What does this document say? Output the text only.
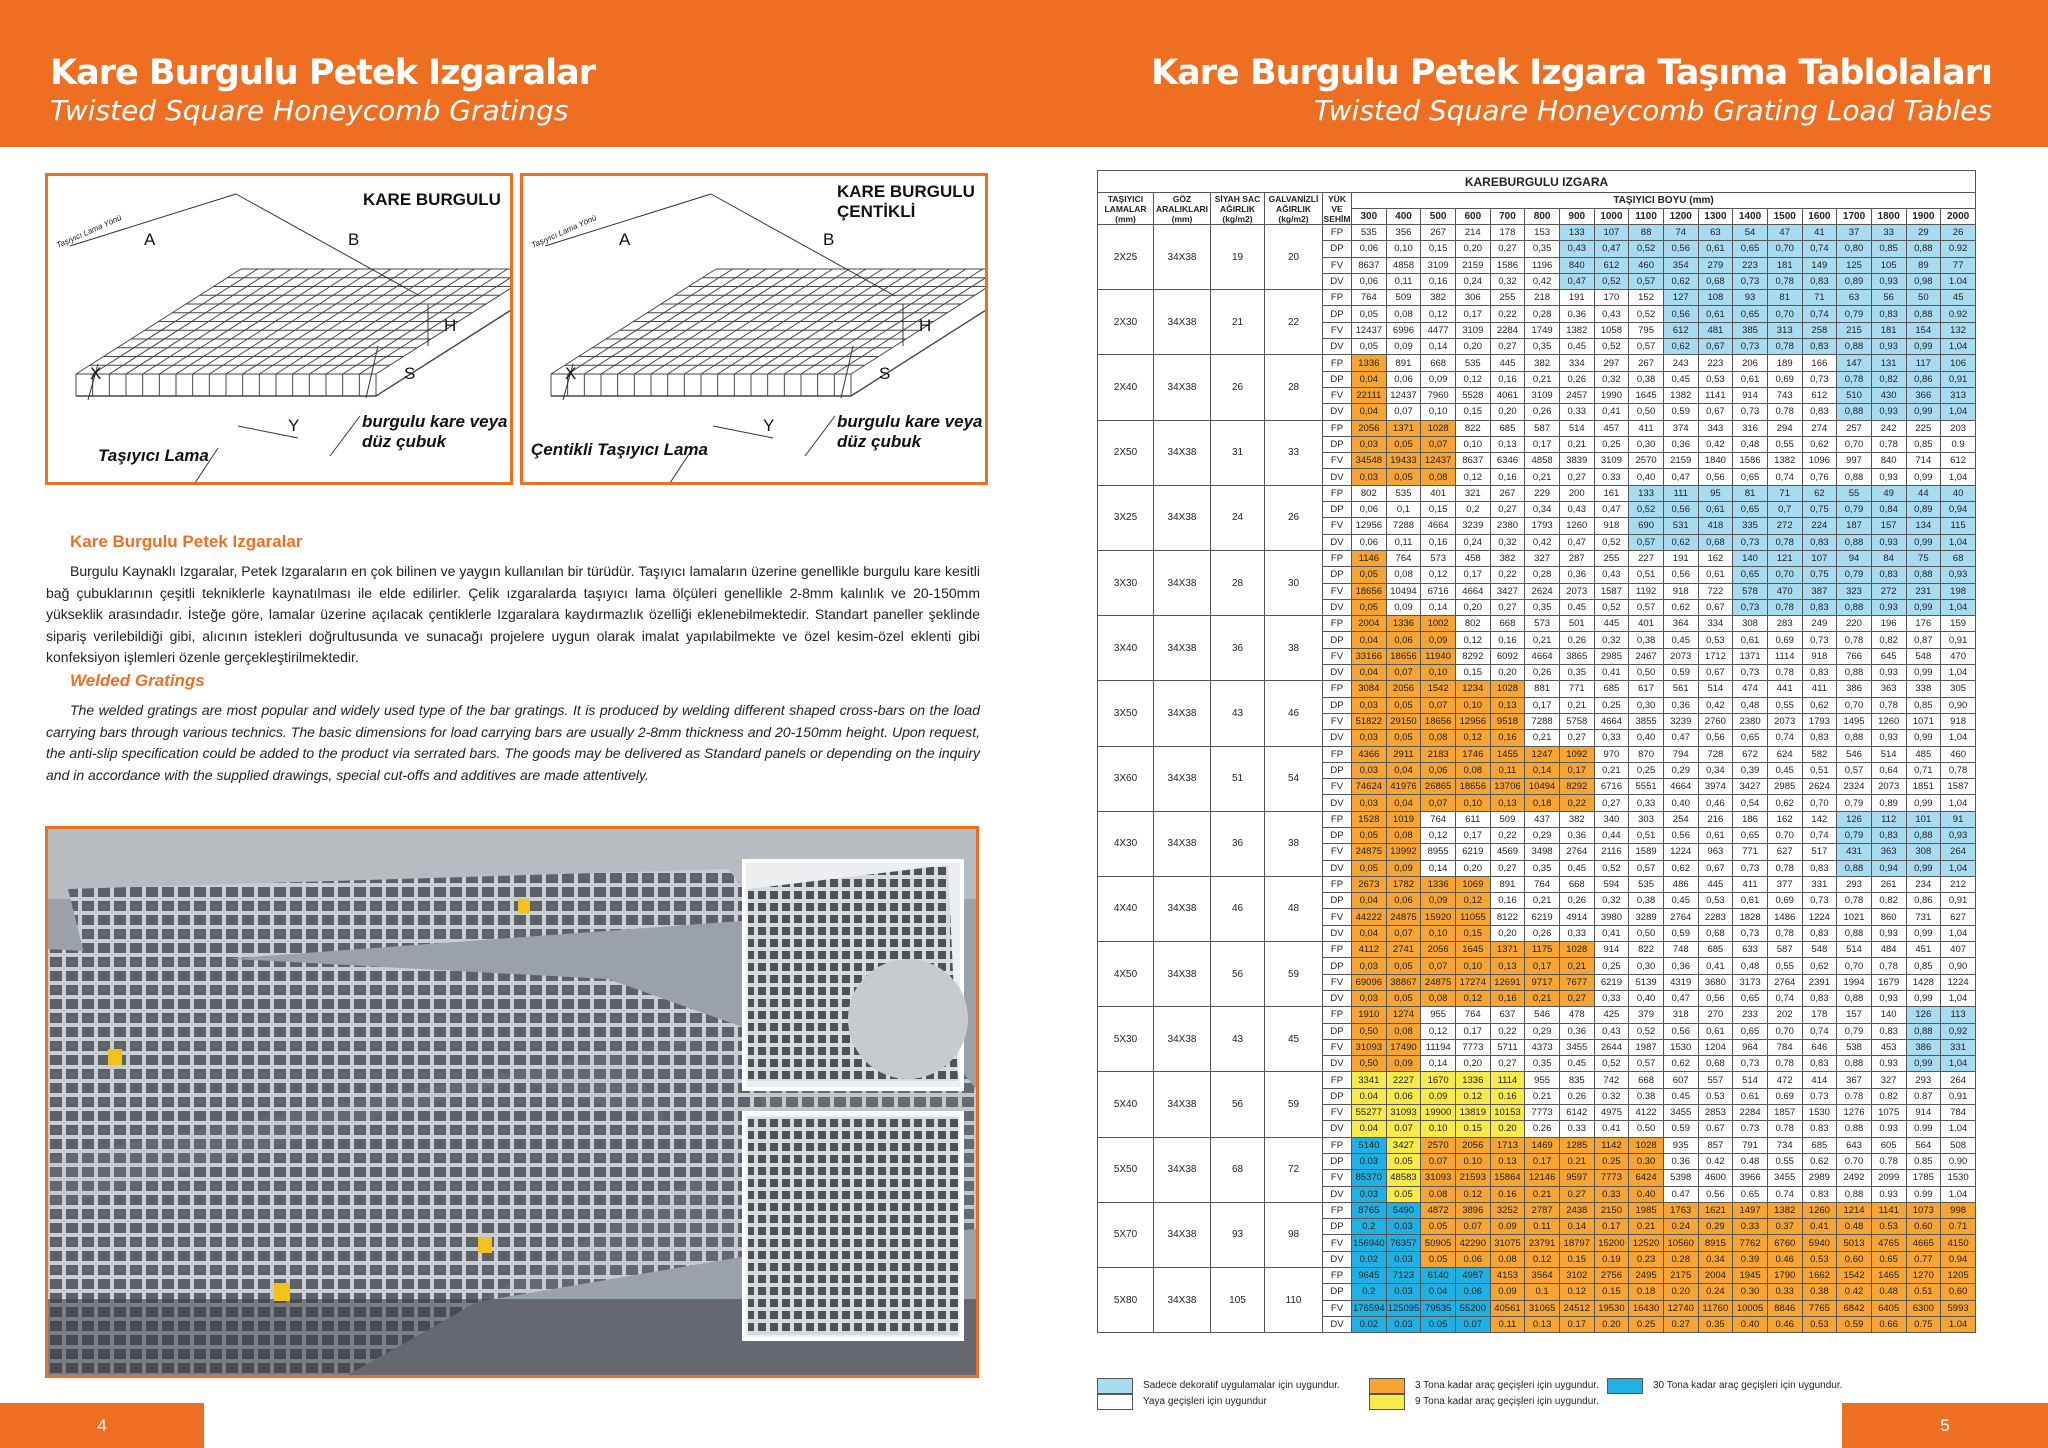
Kare Burgulu Petek Izgaralar
Twisted Square Honeycomb Gratings
Kare Burgulu Petek Izgara Taşıma Tablolaları
Twisted Square Honeycomb Grating Load Tables
KARE BURGULU
Taşıyıcı Lama Yönü A	B
H
S
X
Y
Taşıyıcı Lama
burgulu kare veya düz çubuk
KARE BURGULU ÇENTİKLİ
Taşıyıcı Lama Yönü A	B
H
S
X
Y
Çentikli Taşıyıcı Lama
burgulu kare veya düz çubuk
Kare Burgulu Petek Izgaralar
Burgulu Kaynaklı Izgaralar, Petek Izgaraların en çok bilinen ve yaygın kullanılan bir türüdür. Taşıyıcı lamaların üzerine genellikle burgulu kare kesitli bağ çubuklarının çeşitli tekniklerle kaynatılması ile elde edilirler. Çelik ızgaralarda taşıyıcı lama ölçüleri genellikle 2-8mm kalınlık ve 20-150mm yükseklik arasındadır. İsteğe göre, lamalar üzerine açılacak çentiklerle Izgaralara kaydırmazlık özelliği eklenebilmektedir. Standart paneller şeklinde sipariş verilebildiği gibi, alıcının istekleri doğrultusunda ve sunacağı projelere uygun olarak imalat yapılabilmekte ve özel kesim-özel eklenti gibi konfeksiyon işlemleri özenle gerçekleştirilmektedir.
Welded Gratings
The welded gratings are most popular and widely used type of the bar gratings. It is produced by welding different shaped cross-bars on the load carrying bars through various technics. The basic dimensions for load carrying bars are usually 2-8mm thickness and 20-150mm height. Upon request, the anti-slip specification could be added to the product via serrated bars. The goods may be delivered as Standard panels or depending on the inquiry and in accordance with the supplied drawings, special cut-offs and additives are made attentively.
4	5
KAREBURGULU IZGARA																						
TAŞIYICI LAMALAR (mm)	GÖZ ARALIKLARI (mm)	SİYAH SAC AĞIRLIK (kg/m2)	GALVANİZLİ AĞIRLIK (kg/m2)	YÜK VE SEHİM	TAŞIYICI BOYU (mm)																	
					300	400	500	600	700	800	900	1000	1100	1200	1300	1400	1500	1600	1700	1800	1900	2000
2X25	34X38	19	20	FP	535	356	267	214	178	153	133	107	88	74	63	54	47	41	37	33	29	26
				DP	0,06	0,10	0,15	0,20	0,27	0,35	0,43	0,47	0,52	0,56	0,61	0,65	0,70	0,74	0,80	0,85	0,88	0.92
				FV	8637	4858	3109	2159	1586	1196	840	612	460	354	279	223	181	149	125	105	89	77
				DV	0,06	0,11	0,16	0,24	0,32	0,42	0,47	0,52	0,57	0,62	0,68	0,73	0,78	0,83	0,89	0,93	0,98	1.04
2X30	34X38	21	22	FP	764	509	382	306	255	218	191	170	152	127	108	93	81	71	63	56	50	45
				DP	0,05	0,08	0,12	0,17	0,22	0,28	0,36	0,43	0,52	0,56	0,61	0,65	0,70	0,74	0,79	0,83	0,88	0.92
				FV	12437	6996	4477	3109	2284	1749	1382	1058	795	612	481	385	313	258	215	181	154	132
				DV	0,05	0,09	0,14	0,20	0,27	0,35	0,45	0,52	0,57	0,62	0,67	0,73	0,78	0,83	0,88	0,93	0,99	1,04
2X40	34X38	26	28	FP	1336	891	668	535	445	382	334	297	267	243	223	206	189	166	147	131	117	106
				DP	0,04	0,06	0,09	0,12	0,16	0,21	0,26	0,32	0,38	0,45	0,53	0,61	0,69	0,73	0,78	0,82	0,86	0,91
				FV	22111	12437	7960	5528	4061	3109	2457	1990	1645	1382	1141	914	743	612	510	430	366	313
				DV	0,04	0,07	0,10	0,15	0,20	0,26	0,33	0,41	0,50	0,59	0,67	0,73	0,78	0,83	0,88	0,93	0,99	1,04
2X50	34X38	31	33	FP	2056	1371	1028	822	685	587	514	457	411	374	343	316	294	274	257	242	225	203
				DP	0,03	0,05	0,07	0,10	0,13	0,17	0,21	0,25	0,30	0,36	0,42	0,48	0,55	0,62	0,70	0,78	0,85	0.9
				FV	34548	19433	12437	8637	6346	4858	3839	3109	2570	2159	1840	1586	1382	1096	997	840	714	612
				DV	0,03	0,05	0,08	0,12	0,16	0,21	0,27	0.33	0,40	0,47	0,56	0,65	0,74	0,76	0,88	0,93	0,99	1,04
3X25	34X38	24	26	FP	802	535	401	321	267	229	200	161	133	111	95	81	71	62	55	49	44	40
				DP	0,06	0,1	0,15	0,2	0,27	0,34	0,43	0,47	0,52	0,56	0,61	0,65	0,7	0,75	0,79	0,84	0,89	0,94
				FV	12956	7288	4664	3239	2380	1793	1260	918	690	531	418	335	272	224	187	157	134	115
				DV	0,06	0,11	0,16	0,24	0,32	0,42	0,47	0,52	0,57	0,62	0,68	0,73	0,78	0,83	0,88	0,93	0,99	1,04
3X30	34X38	28	30	FP	1146	764	573	458	382	327	287	255	227	191	162	140	121	107	94	84	75	68
				DP	0,05	0,08	0,12	0,17	0,22	0,28	0,36	0,43	0,51	0,56	0,61	0,65	0,70	0,75	0,79	0,83	0,88	0,93
				FV	18656	10494	6716	4664	3427	2624	2073	1587	1192	918	722	578	470	387	323	272	231	198
				DV	0,05	0,09	0,14	0,20	0,27	0,35	0,45	0,52	0,57	0,62	0,67	0,73	0,78	0,83	0,88	0,93	0,99	1,04
3X40	34X38	36	38	FP	2004	1336	1002	802	668	573	501	445	401	364	334	308	283	249	220	196	176	159
				DP	0,04	0,06	0,09	0,12	0,16	0,21	0,26	0,32	0,38	0,45	0,53	0,61	0,69	0,73	0,78	0,82	0,87	0,91
				FV	33166	18656	11940	8292	6092	4664	3865	2985	2467	2073	1712	1371	1114	918	766	645	548	470
				DV	0,04	0,07	0,10	0,15	0,20	0,26	0,35	0,41	0,50	0,59	0,67	0,73	0,78	0,83	0,88	0,93	0,99	1,04
3X50	34X38	43	46	FP	3084	2056	1542	1234	1028	881	771	685	617	561	514	474	441	411	386	363	338	305
				DP	0,03	0,05	0,07	0,10	0,13	0,17	0,21	0,25	0,30	0,36	0,42	0,48	0,55	0,62	0,70	0,78	0,85	0,90
				FV	51822	29150	18656	12956	9518	7288	5758	4664	3855	3239	2760	2380	2073	1793	1495	1260	1071	918
				DV	0,03	0,05	0,08	0,12	0,16	0,21	0,27	0,33	0,40	0,47	0,56	0,65	0,74	0,83	0,88	0,93	0,99	1,04
3X60	34X38	51	54	FP	4366	2911	2183	1746	1455	1247	1092	970	870	794	728	672	624	582	546	514	485	460
				DP	0,03	0,04	0,06	0,08	0,11	0,14	0,17	0,21	0,25	0,29	0,34	0,39	0,45	0,51	0,57	0,64	0,71	0,78
				FV	74624	41976	26865	18656	13706	10494	8292	6716	5551	4664	3974	3427	2985	2624	2324	2073	1851	1587
				DV	0,03	0,04	0,07	0,10	0,13	0,18	0,22	0,27	0,33	0,40	0,46	0,54	0,62	0,70	0,79	0,89	0,99	1,04
4X30	34X38	36	38	FP	1528	1019	764	611	509	437	382	340	303	254	216	186	162	142	126	112	101	91
				DP	0,05	0,08	0,12	0,17	0,22	0,29	0,36	0,44	0,51	0,56	0,61	0,65	0,70	0,74	0,79	0,83	0,88	0,93
				FV	24875	13992	8955	6219	4569	3498	2764	2116	1589	1224	963	771	627	517	431	363	308	264
				DV	0,05	0,09	0,14	0,20	0,27	0,35	0,45	0,52	0,57	0,62	0,67	0,73	0,78	0,83	0,88	0,94	0,99	1,04
4X40	34X38	46	48	FP	2673	1782	1336	1069	891	764	668	594	535	486	445	411	377	331	293	261	234	212
				DP	0,04	0,06	0,09	0,12	0,16	0,21	0,26	0,32	0,38	0,45	0,53	0,61	0,69	0,73	0,78	0,82	0,86	0,91
				FV	44222	24875	15920	11055	8122	6219	4914	3980	3289	2764	2283	1828	1486	1224	1021	860	731	627
				DV	0,04	0,07	0,10	0,15	0,20	0,26	0,33	0,41	0,50	0,59	0,68	0,73	0,78	0,83	0,88	0,93	0,99	1,04
4X50	34X38	56	59	FP	4112	2741	2056	1645	1371	1175	1028	914	822	748	685	633	587	548	514	484	451	407
				DP	0,03	0,05	0,07	0,10	0,13	0,17	0,21	0,25	0,30	0,36	0,41	0,48	0,55	0,62	0,70	0,78	0,85	0,90
				FV	69096	38867	24875	17274	12691	9717	7677	6219	5139	4319	3680	3173	2764	2391	1994	1679	1428	1224
				DV	0,03	0,05	0,08	0,12	0,16	0,21	0,27	0,33	0,40	0,47	0,56	0,65	0,74	0,83	0,88	0,93	0,99	1,04
5X30	34X38	43	45	FP	1910	1274	955	764	637	546	478	425	379	318	270	233	202	178	157	140	126	113
				DP	0,50	0,08	0,12	0,17	0,22	0,29	0,36	0,43	0,52	0,56	0,61	0,65	0,70	0,74	0,79	0,83	0,88	0,92
				FV	31093	17490	11194	7773	5711	4373	3455	2644	1987	1530	1204	964	784	646	538	453	386	331
				DV	0,50	0,09	0,14	0,20	0,27	0,35	0,45	0,52	0,57	0,62	0,68	0,73	0,78	0,83	0,88	0,93	0,99	1,04
5X40	34X38	56	59	FP	3341	2227	1670	1336	1114	955	835	742	668	607	557	514	472	414	367	327	293	264
				DP	0.04	0.06	0.09	0.12	0.16	0.21	0.26	0.32	0.38	0.45	0.53	0.61	0.69	0.73	0.78	0.82	0.87	0.91
				FV	55277	31093	19900	13819	10153	7773	6142	4975	4122	3455	2853	2284	1857	1530	1276	1075	914	784
				DV	0.04	0.07	0.10	0.15	0.20	0.26	0.33	0.41	0.50	0.59	0.67	0.73	0.78	0.83	0.88	0.93	0.99	1.04
5X50	34X38	68	72	FP	5140	3427	2570	2056	1713	1469	1285	1142	1028	935	857	791	734	685	643	605	564	508
				DP	0.03	0.05	0.07	0.10	0.13	0.17	0.21	0.25	0.30	0.36	0.42	0.48	0.55	0.62	0.70	0.78	0.85	0.90
				FV	85370	48583	31093	21593	15864	12146	9597	7773	6424	5398	4600	3966	3455	2989	2492	2099	1785	1530
				DV	0.03	0.05	0.08	0.12	0.16	0.21	0.27	0.33	0.40	0.47	0.56	0.65	0.74	0.83	0.88	0.93	0.99	1.04
5X70	34X38	93	98	FP	8765	5490	4872	3896	3252	2787	2438	2150	1985	1763	1621	1497	1382	1260	1214	1141	1073	998
				DP	0.2	0.03	0.05	0.07	0.09	0.11	0.14	0.17	0.21	0.24	0.29	0.33	0.37	0.41	0.48	0.53	0.60	0.71
				FV	156940	76357	50905	42290	31075	23791	18797	15200	12520	10560	8915	7762	6760	5940	5013	4765	4665	4150
				DV	0.02	0.03	0.05	0.06	0.08	0.12	0.15	0.19	0.23	0.28	0.34	0.39	0.46	0.53	0.60	0.65	0.77	0.94
5X80	34X38	105	110	FP	9645	7123	6140	4987	4153	3564	3102	2756	2495	2175	2004	1945	1790	1662	1542	1465	1270	1205
				DP	0.2	0.03	0.04	0.06	0.09	0.1	0.12	0.15	0.18	0.20	0.24	0.30	0.33	0.38	0.42	0.48	0.51	0.60
				FV	176594	125095	79535	55200	40561	31065	24512	19530	16430	12740	11760	10005	8846	7765	6842	6405	6300	5993
				DV	0.02	0.03	0.05	0.07	0.11	0.13	0.17	0.20	0.25	0.27	0.35	0.40	0.46	0.53	0.59	0.66	0.75	1.04
Sadece dekoratif uygulamalar için uygundur.
Yaya geçişleri için uygundur
3 Tona kadar araç geçişleri için uygundur.
9 Tona kadar araç geçişleri için uygundur.
30 Tona kadar araç geçişleri için uygundur.
